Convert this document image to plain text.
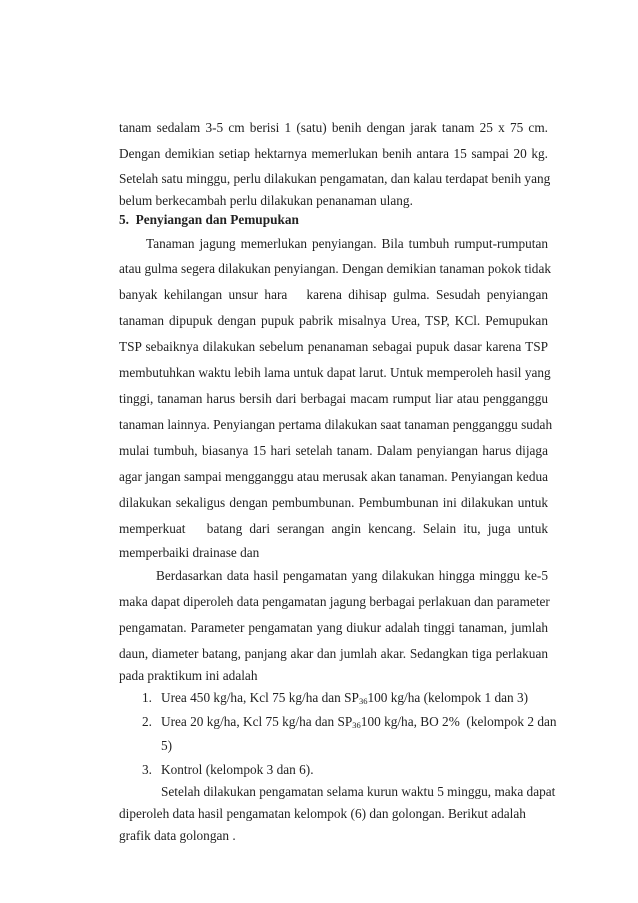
tanam sedalam 3-5 cm berisi 1 (satu) benih dengan jarak tanam 25 x 75 cm.
Dengan demikian setiap hektarnya memerlukan benih antara 15 sampai 20 kg.
Setelah satu minggu, perlu dilakukan pengamatan, dan kalau terdapat benih yang
belum berkecambah perlu dilakukan penanaman ulang.
5.  Penyiangan dan Pemupukan
Tanaman jagung memerlukan penyiangan. Bila tumbuh rumput-rumputan
atau gulma segera dilakukan penyiangan. Dengan demikian tanaman pokok tidak
banyak kehilangan unsur hara   karena dihisap gulma. Sesudah penyiangan
tanaman dipupuk dengan pupuk pabrik misalnya Urea, TSP, KCl. Pemupukan
TSP sebaiknya dilakukan sebelum penanaman sebagai pupuk dasar karena TSP
membutuhkan waktu lebih lama untuk dapat larut. Untuk memperoleh hasil yang
tinggi, tanaman harus bersih dari berbagai macam rumput liar atau pengganggu
tanaman lainnya. Penyiangan pertama dilakukan saat tanaman pengganggu sudah
mulai tumbuh, biasanya 15 hari setelah tanam. Dalam penyiangan harus dijaga
agar jangan sampai mengganggu atau merusak akan tanaman. Penyiangan kedua
dilakukan sekaligus dengan pembumbunan. Pembumbunan ini dilakukan untuk
memperkuat   batang dari serangan angin kencang. Selain itu, juga untuk
memperbaiki drainase dan
Berdasarkan data hasil pengamatan yang dilakukan hingga minggu ke-5
maka dapat diperoleh data pengamatan jagung berbagai perlakuan dan parameter
pengamatan. Parameter pengamatan yang diukur adalah tinggi tanaman, jumlah
daun, diameter batang, panjang akar dan jumlah akar. Sedangkan tiga perlakuan
pada praktikum ini adalah
1. Urea 450 kg/ha, Kcl 75 kg/ha dan $SP_{36}100$ kg/ha (kelompok 1 dan 3)
2. Urea 20 kg/ha, Kcl 75 kg/ha dan $SP_{36}100$ kg/ha, BO 2%  (kelompok 2 dan
5)
3. Kontrol (kelompok 3 dan 6).
Setelah dilakukan pengamatan selama kurun waktu 5 minggu, maka dapat
diperoleh data hasil pengamatan kelompok (6) dan golongan. Berikut adalah
grafik data golongan .
